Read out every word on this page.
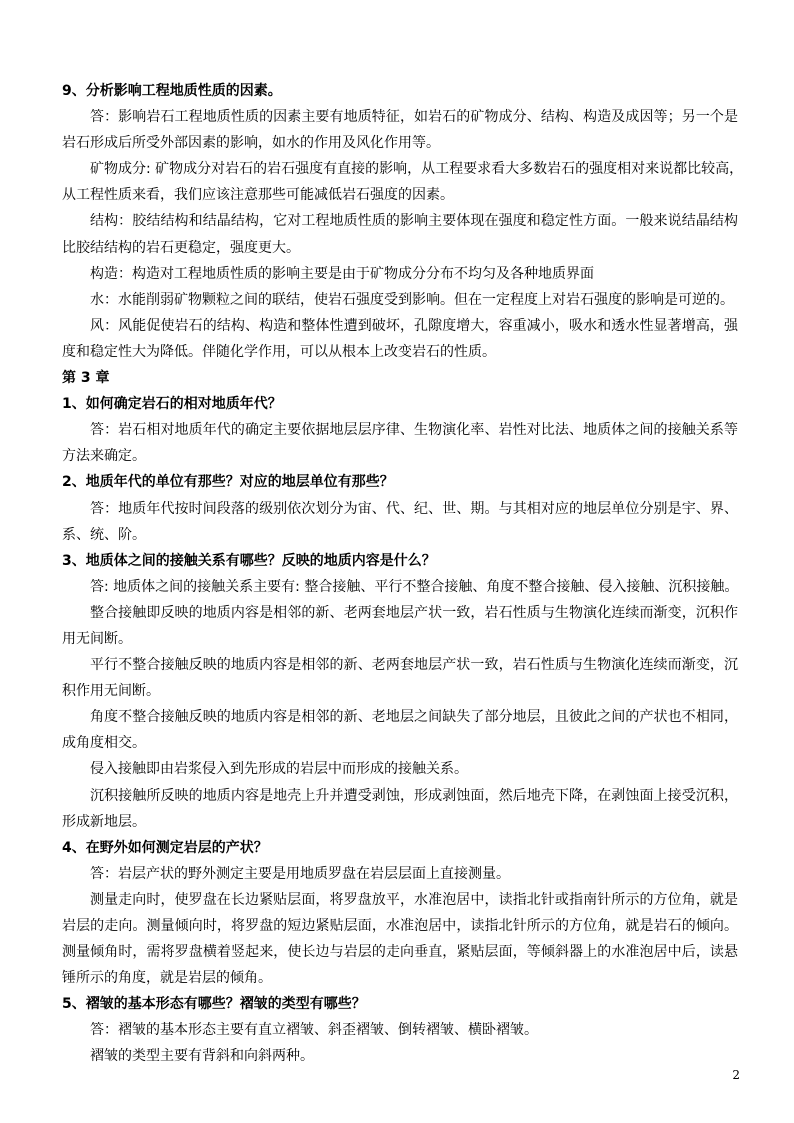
9、分析影响工程地质性质的因素。
答：影响岩石工程地质性质的因素主要有地质特征，如岩石的矿物成分、结构、构造及成因等；另一个是
岩石形成后所受外部因素的影响，如水的作用及风化作用等。
矿物成分: 矿物成分对岩石的岩石强度有直接的影响，从工程要求看大多数岩石的强度相对来说都比较高，
从工程性质来看，我们应该注意那些可能减低岩石强度的因素。
结构：胶结结构和结晶结构，它对工程地质性质的影响主要体现在强度和稳定性方面。一般来说结晶结构
比胶结结构的岩石更稳定，强度更大。
构造：构造对工程地质性质的影响主要是由于矿物成分分布不均匀及各种地质界面
水：水能削弱矿物颗粒之间的联结，使岩石强度受到影响。但在一定程度上对岩石强度的影响是可逆的。
风：风能促使岩石的结构、构造和整体性遭到破坏，孔隙度增大，容重减小，吸水和透水性显著增高，强
度和稳定性大为降低。伴随化学作用，可以从根本上改变岩石的性质。
第 3 章
1、如何确定岩石的相对地质年代？
答：岩石相对地质年代的确定主要依据地层层序律、生物演化率、岩性对比法、地质体之间的接触关系等
方法来确定。
2、地质年代的单位有那些？对应的地层单位有那些？
答：地质年代按时间段落的级别依次划分为宙、代、纪、世、期。与其相对应的地层单位分别是宇、界、
系、统、阶。
3、地质体之间的接触关系有哪些？反映的地质内容是什么？
答: 地质体之间的接触关系主要有: 整合接触、平行不整合接触、角度不整合接触、侵入接触、沉积接触。
整合接触即反映的地质内容是相邻的新、老两套地层产状一致，岩石性质与生物演化连续而渐变，沉积作
用无间断。
平行不整合接触反映的地质内容是相邻的新、老两套地层产状一致，岩石性质与生物演化连续而渐变，沉
积作用无间断。
角度不整合接触反映的地质内容是相邻的新、老地层之间缺失了部分地层，且彼此之间的产状也不相同，
成角度相交。
侵入接触即由岩浆侵入到先形成的岩层中而形成的接触关系。
沉积接触所反映的地质内容是地壳上升并遭受剥蚀，形成剥蚀面，然后地壳下降，在剥蚀面上接受沉积，
形成新地层。
4、在野外如何测定岩层的产状？
答：岩层产状的野外测定主要是用地质罗盘在岩层层面上直接测量。
测量走向时，使罗盘在长边紧贴层面，将罗盘放平，水准泡居中，读指北针或指南针所示的方位角，就是
岩层的走向。测量倾向时，将罗盘的短边紧贴层面，水准泡居中，读指北针所示的方位角，就是岩石的倾向。
测量倾角时，需将罗盘横着竖起来，使长边与岩层的走向垂直，紧贴层面，等倾斜器上的水准泡居中后，读悬
锤所示的角度，就是岩层的倾角。
5、褶皱的基本形态有哪些？褶皱的类型有哪些？
答：褶皱的基本形态主要有直立褶皱、斜歪褶皱、倒转褶皱、横卧褶皱。
褶皱的类型主要有背斜和向斜两种。
2
